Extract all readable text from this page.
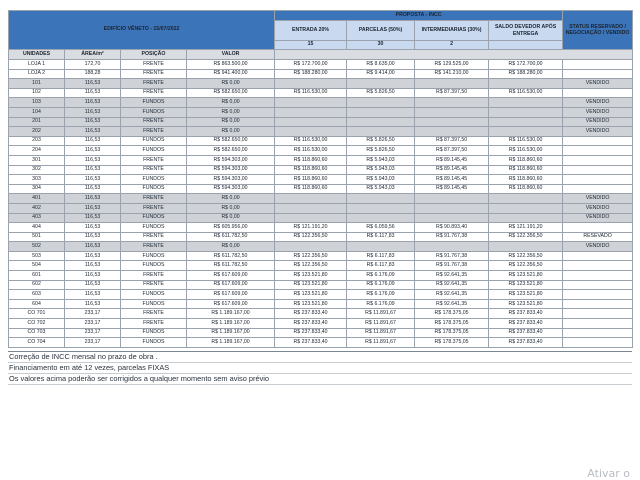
EDIFÍCIO VÊNETO - 15/07/2022				PROPOSTA - INCC				STATUS RESERVADO / NEGOCIAÇÃO / VENDIDO
				ENTRADA 20%	PARCELAS (50%)	INTERMEDIARIAS (30%)	SALDO DEVEDOR APÓS ENTREGA	
				15	30	2		
UNIDADES	ÁREA/m²	POSIÇÃO	VALOR					
LOJA 1	172,70	FRENTE	R$ 863.500,00	R$ 172.700,00	R$ 8.635,00	R$ 129.525,00	R$ 172.700,00	
LOJA 2	188,28	FRENTE	R$ 941.400,00	R$ 188.280,00	R$ 9.414,00	R$ 141.210,00	R$ 188.280,00	
101	116,53	FRENTE	R$ 0,00					VENDIDO
102	116,53	FRENTE	R$ 582.650,00	R$ 116.530,00	R$ 5.826,50	R$ 87.397,50	R$ 116.530,00	
103	116,53	FUNDOS	R$ 0,00					VENDIDO
104	116,53	FUNDOS	R$ 0,00					VENDIDO
201	116,53	FRENTE	R$ 0,00					VENDIDO
202	116,53	FRENTE	R$ 0,00					VENDIDO
203	116,53	FUNDOS	R$ 582.650,00	R$ 116.530,00	R$ 5.826,50	R$ 87.397,50	R$ 116.530,00	
204	116,53	FUNDOS	R$ 582.650,00	R$ 116.530,00	R$ 5.826,50	R$ 87.397,50	R$ 116.530,00	
301	116,53	FRENTE	R$ 594.303,00	R$ 118.860,60	R$ 5.943,03	R$ 89.145,45	R$ 118.860,60	
302	116,53	FRENTE	R$ 594.303,00	R$ 118.860,60	R$ 5.943,03	R$ 89.145,45	R$ 118.860,60	
303	116,53	FUNDOS	R$ 594.303,00	R$ 118.860,60	R$ 5.943,03	R$ 89.145,45	R$ 118.860,60	
304	116,53	FUNDOS	R$ 594.303,00	R$ 118.860,60	R$ 5.943,03	R$ 89.145,45	R$ 118.860,60	
401	116,53	FRENTE	R$ 0,00					VENDIDO
402	116,53	FRENTE	R$ 0,00					VENDIDO
403	116,53	FUNDOS	R$ 0,00					VENDIDO
404	116,53	FUNDOS	R$ 605.956,00	R$ 121.191,20	R$ 6.059,56	R$ 90.893,40	R$ 121.191,20	
501	116,53	FRENTE	R$ 611.782,50	R$ 122.356,50	R$ 6.117,83	R$ 91.767,38	R$ 122.356,50	RESEVADO
502	116,53	FRENTE	R$ 0,00					VENDIDO
503	116,53	FUNDOS	R$ 611.782,50	R$ 122.356,50	R$ 6.117,83	R$ 91.767,38	R$ 122.356,50	
504	116,53	FUNDOS	R$ 611.782,50	R$ 122.356,50	R$ 6.117,83	R$ 91.767,38	R$ 122.356,50	
601	116,53	FRENTE	R$ 617.609,00	R$ 123.521,80	R$ 6.176,09	R$ 92.641,35	R$ 123.521,80	
602	116,53	FRENTE	R$ 617.609,00	R$ 123.521,80	R$ 6.176,09	R$ 92.641,35	R$ 123.521,80	
603	116,53	FUNDOS	R$ 617.609,00	R$ 123.521,80	R$ 6.176,09	R$ 92.641,35	R$ 123.521,80	
604	116,53	FUNDOS	R$ 617.609,00	R$ 123.521,80	R$ 6.176,09	R$ 92.641,35	R$ 123.521,80	
CO 701	233,17	FRENTE	R$ 1.189.167,00	R$ 237.833,40	R$ 11.891,67	R$ 178.375,05	R$ 237.833,40	
CO 702	233,17	FRENTE	R$ 1.189.167,00	R$ 237.833,40	R$ 11.891,67	R$ 178.375,05	R$ 237.833,40	
CO 703	233,17	FUNDOS	R$ 1.189.167,00	R$ 237.833,40	R$ 11.891,67	R$ 178.375,05	R$ 237.833,40	
CO 704	233,17	FUNDOS	R$ 1.189.167,00	R$ 237.833,40	R$ 11.891,67	R$ 178.375,05	R$ 237.833,40	
Correção de INCC mensal no prazo de obra .
Financiamento em até 12 vezes, parcelas FIXAS
Os valores acima poderão ser corrigidos a qualquer momento sem aviso prévio
Ativar o
